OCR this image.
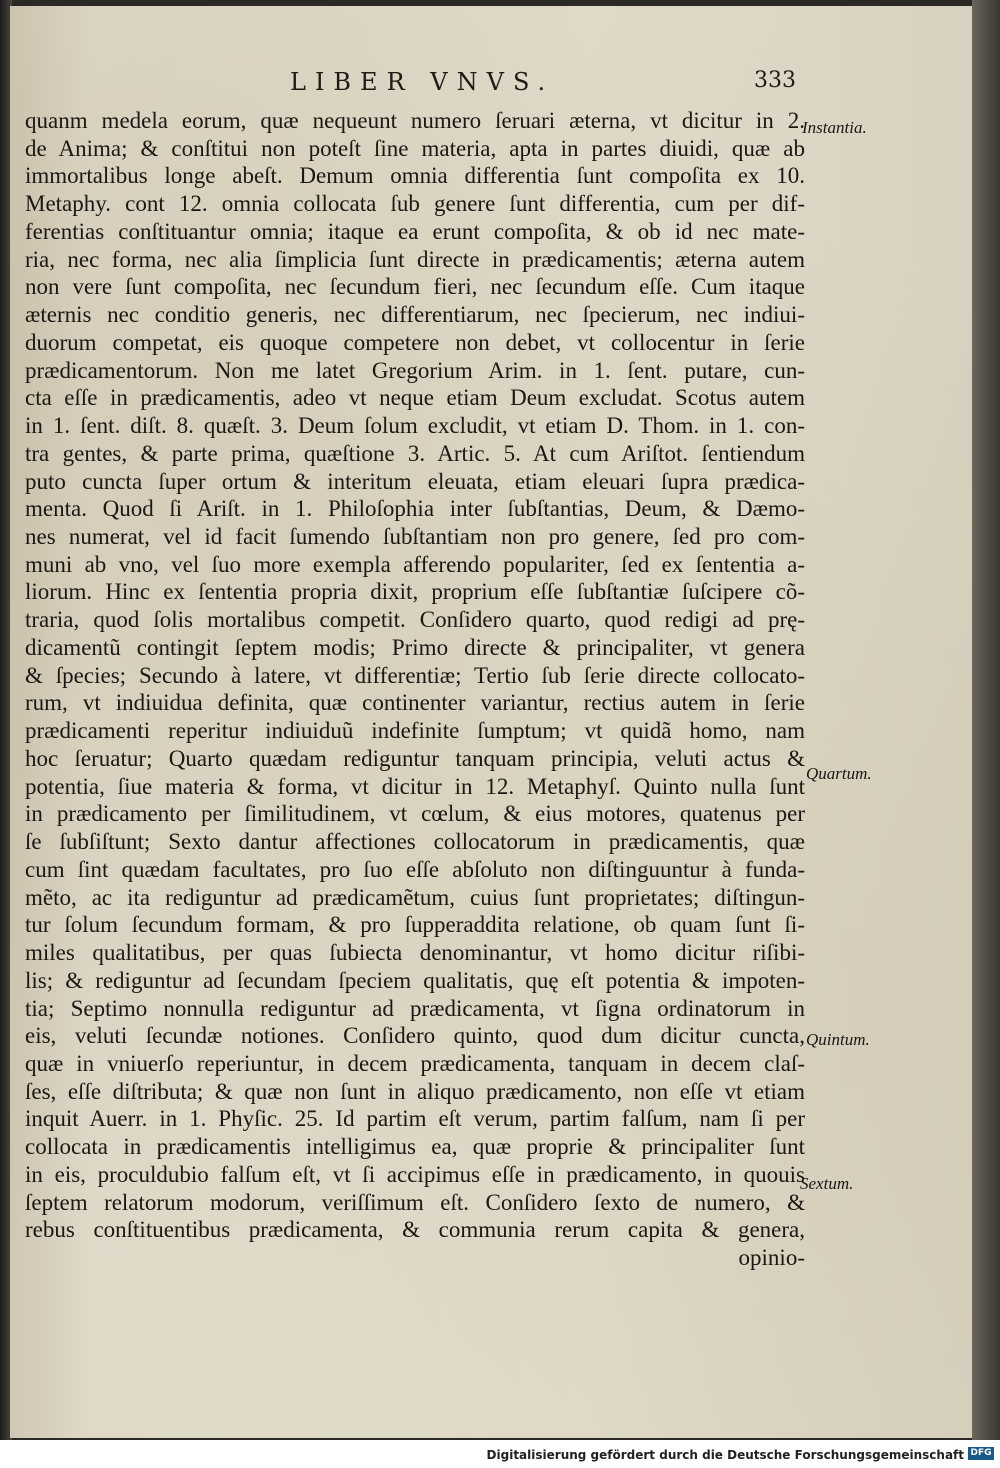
LIBER VNVS.	333
quanm medela eorum, quæ nequeunt numero ſeruari æterna, vt dicitur in 2.
de Anima; & conſtitui non poteſt ſine materia, apta in partes diuidi, quæ ab
immortalibus longe abeſt. Demum omnia differentia ſunt compoſita ex 10.
Metaphy. cont 12. omnia collocata ſub genere ſunt differentia, cum per dif-
ferentias conſtituantur omnia; itaque ea erunt compoſita, & ob id nec mate-
ria, nec forma, nec alia ſimplicia ſunt directe in prædicamentis; æterna autem
non vere ſunt compoſita, nec ſecundum fieri, nec ſecundum eſſe. Cum itaque
æternis nec conditio generis, nec differentiarum, nec ſpecierum, nec indiui-
duorum competat, eis quoque competere non debet, vt collocentur in ſerie
prædicamentorum. Non me latet Gregorium Arim. in 1. ſent. putare, cun-
cta eſſe in prædicamentis, adeo vt neque etiam Deum excludat. Scotus autem
in 1. ſent. diſt. 8. quæſt. 3. Deum ſolum excludit, vt etiam D. Thom. in 1. con-
tra gentes, & parte prima, quæſtione 3. Artic. 5. At cum Ariſtot. ſentiendum
puto cuncta ſuper ortum & interitum eleuata, etiam eleuari ſupra prædica-
menta. Quod ſi Ariſt. in 1. Philoſophia inter ſubſtantias, Deum, & Dæmo-
nes numerat, vel id facit ſumendo ſubſtantiam non pro genere, ſed pro com-
muni ab vno, vel ſuo more exempla afferendo populariter, ſed ex ſententia a-
liorum. Hinc ex ſententia propria dixit, proprium eſſe ſubſtantiæ ſuſcipere cõ-
traria, quod ſolis mortalibus competit. Conſidero quarto, quod redigi ad prę-
dicamentũ contingit ſeptem modis; Primo directe & principaliter, vt genera
& ſpecies; Secundo à latere, vt differentiæ; Tertio ſub ſerie directe collocato-
rum, vt indiuidua definita, quæ continenter variantur, rectius autem in ſerie
prædicamenti reperitur indiuiduũ indefinite ſumptum; vt quidã homo, nam
hoc ſeruatur; Quarto quædam rediguntur tanquam principia, veluti actus &
potentia, ſiue materia & forma, vt dicitur in 12. Metaphyſ. Quinto nulla ſunt
in prædicamento per ſimilitudinem, vt cœlum, & eius motores, quatenus per
ſe ſubſiſtunt; Sexto dantur affectiones collocatorum in prædicamentis, quæ
cum ſint quædam facultates, pro ſuo eſſe abſoluto non diſtinguuntur à funda-
mẽto, ac ita rediguntur ad prædicamẽtum, cuius ſunt proprietates; diſtingun-
tur ſolum ſecundum formam, & pro ſupperaddita relatione, ob quam ſunt ſi-
miles qualitatibus, per quas ſubiecta denominantur, vt homo dicitur riſibi-
lis; & rediguntur ad ſecundam ſpeciem qualitatis, quę eſt potentia & impoten-
tia; Septimo nonnulla rediguntur ad prædicamenta, vt ſigna ordinatorum in
eis, veluti ſecundæ notiones. Conſidero quinto, quod dum dicitur cuncta,
quæ in vniuerſo reperiuntur, in decem prædicamenta, tanquam in decem claſ-
ſes, eſſe diſtributa; & quæ non ſunt in aliquo prædicamento, non eſſe vt etiam
inquit Auerr. in 1. Phyſic. 25. Id partim eſt verum, partim falſum, nam ſi per
collocata in prædicamentis intelligimus ea, quæ proprie & principaliter ſunt
in eis, proculdubio falſum eſt, vt ſi accipimus eſſe in prædicamento, in quouis
ſeptem relatorum modorum, veriſſimum eſt. Conſidero ſexto de numero, &
rebus conſtituentibus prædicamenta, & communia rerum capita & genera,
opinio-
Instantia.
Quartum.
Quintum.
Sextum.
Digitalisierung gefördert durch die Deutsche Forschungsgemeinschaft DFG
